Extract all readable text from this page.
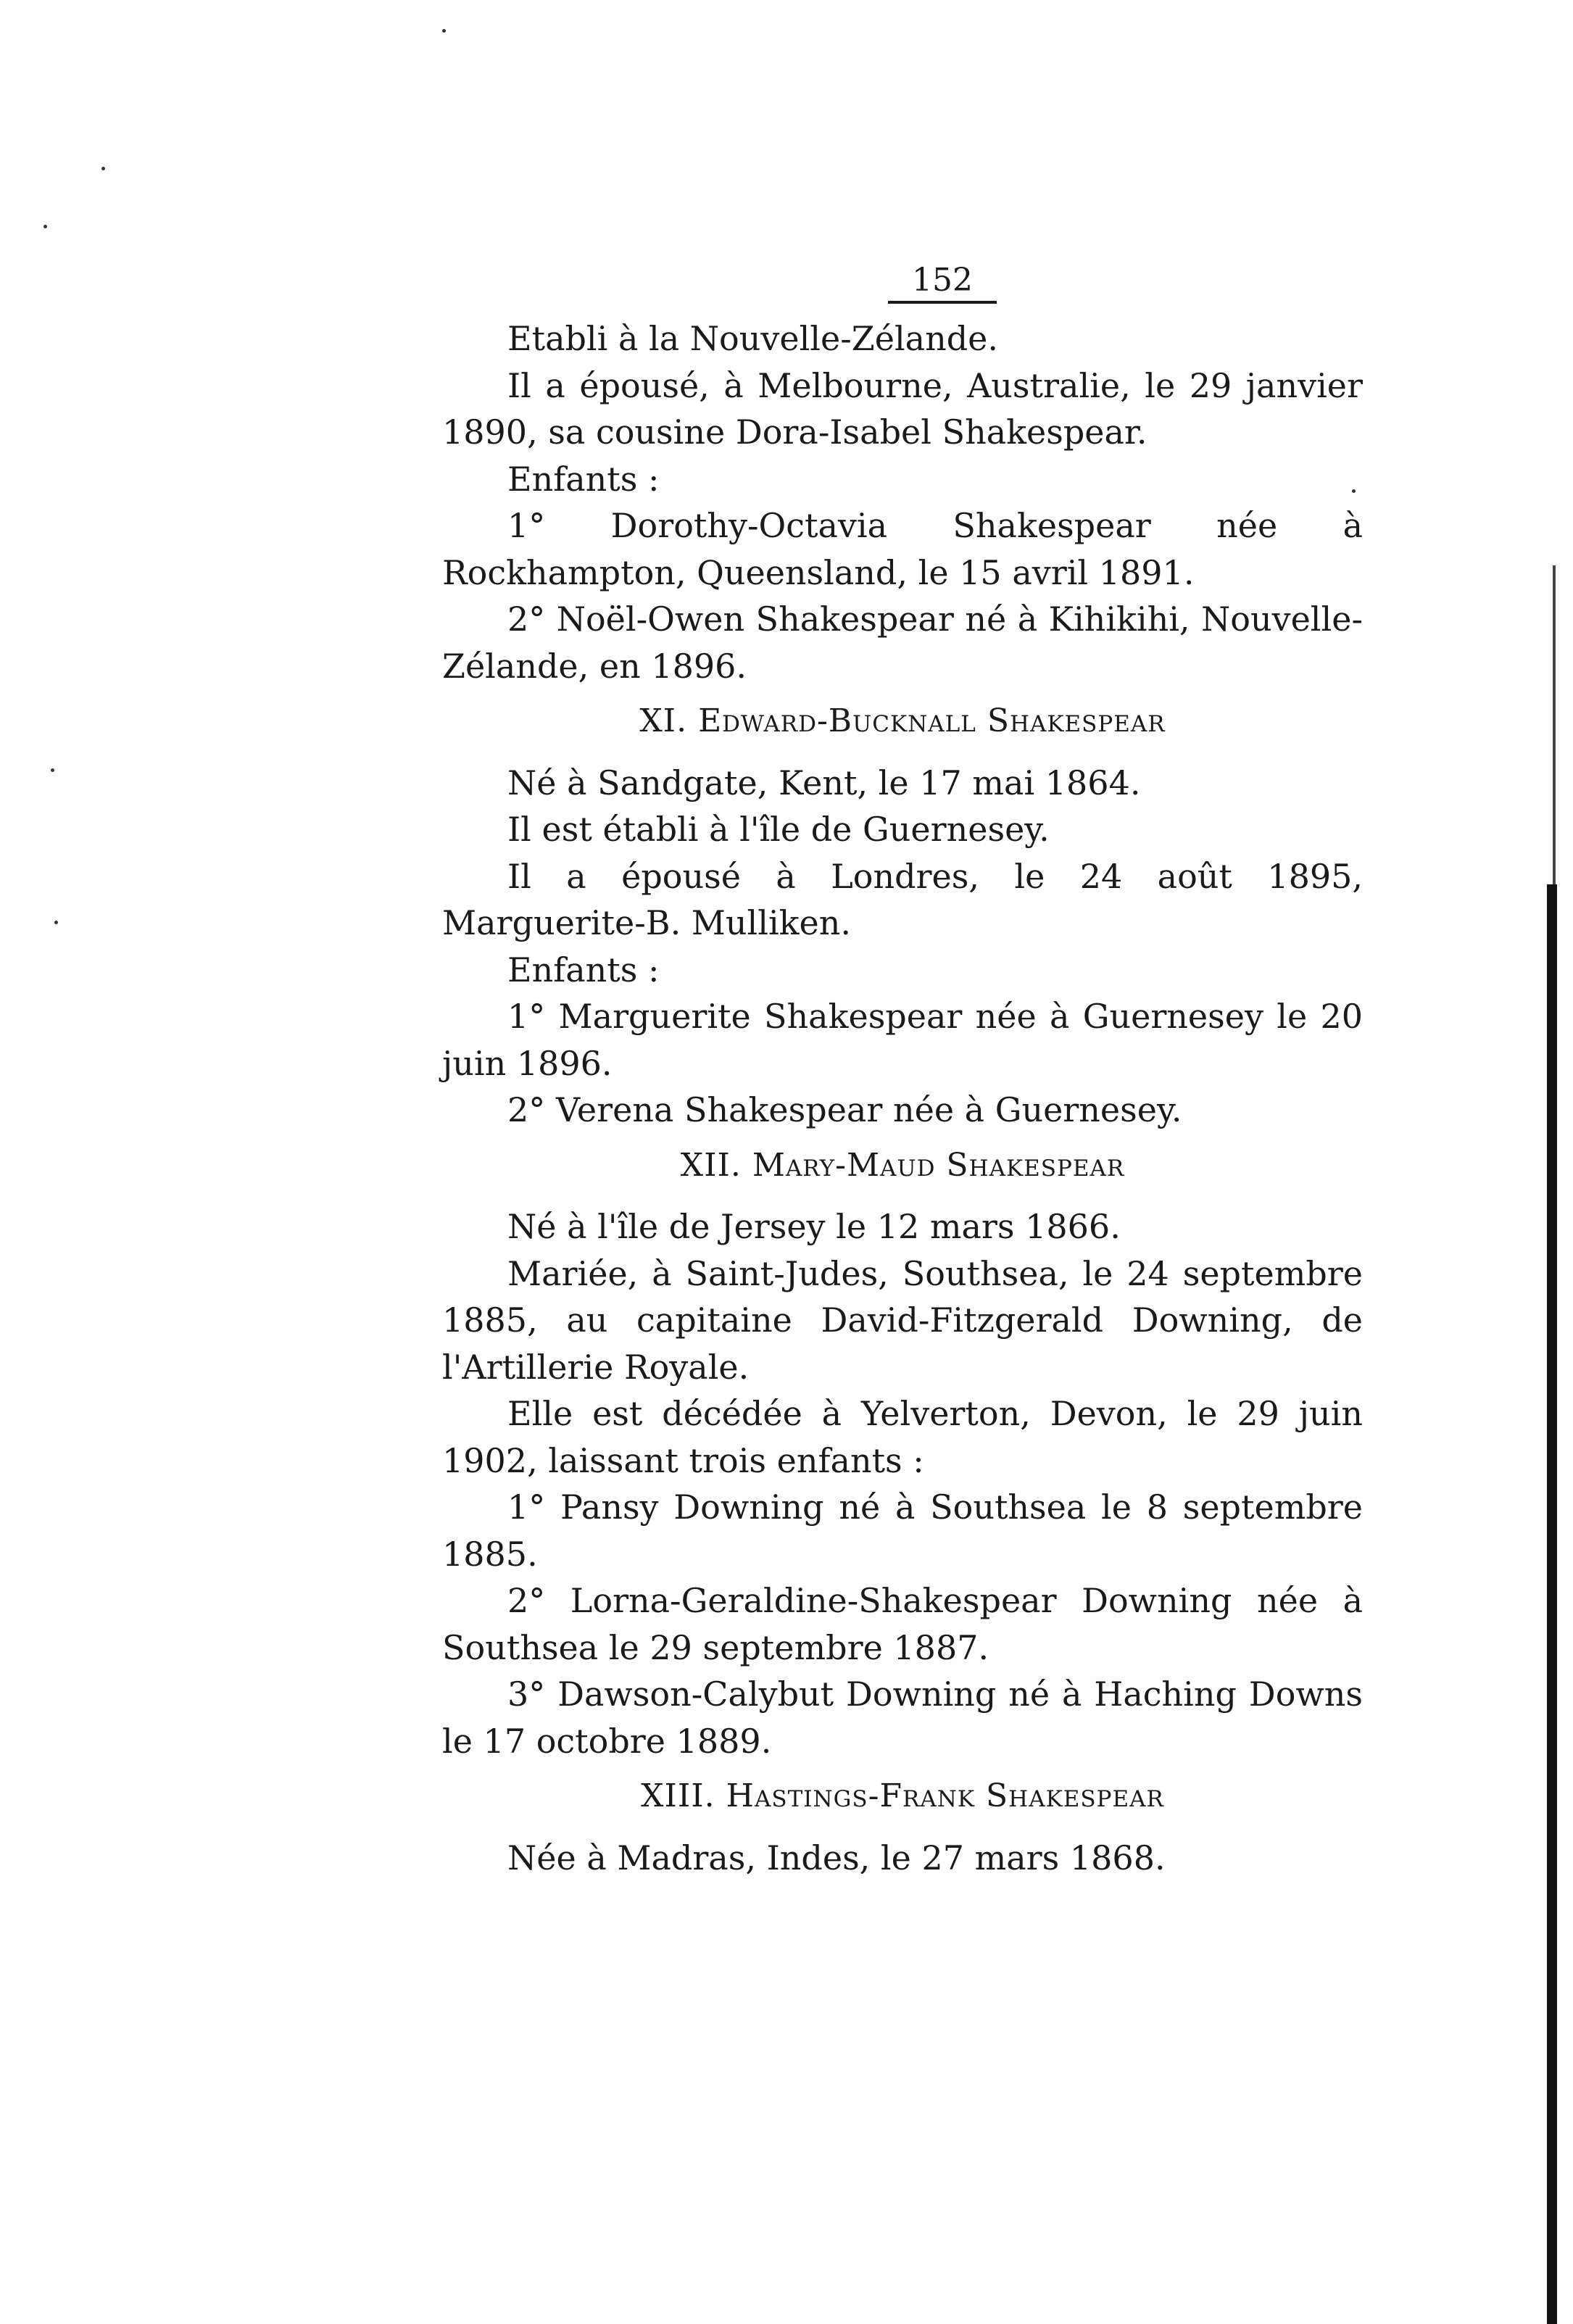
152

Etabli à la Nouvelle-Zélande.

Il a épousé, à Melbourne, Australie, le 29 janvier 1890, sa cousine Dora-Isabel Shakespear.

Enfants :

1° Dorothy-Octavia Shakespear née à Rockhampton, Queensland, le 15 avril 1891.

2° Noël-Owen Shakespear né à Kihikihi, Nouvelle-Zélande, en 1896.

XI. Edward-Bucknall Shakespear

Né à Sandgate, Kent, le 17 mai 1864.

Il est établi à l'île de Guernesey.

Il a épousé à Londres, le 24 août 1895, Marguerite-B. Mulliken.

Enfants :

1° Marguerite Shakespear née à Guernesey le 20 juin 1896.

2° Verena Shakespear née à Guernesey.

XII. Mary-Maud Shakespear

Né à l'île de Jersey le 12 mars 1866.

Mariée, à Saint-Judes, Southsea, le 24 septembre 1885, au capitaine David-Fitzgerald Downing, de l'Artillerie Royale.

Elle est décédée à Yelverton, Devon, le 29 juin 1902, laissant trois enfants :

1° Pansy Downing né à Southsea le 8 septembre 1885.

2° Lorna-Geraldine-Shakespear Downing née à Southsea le 29 septembre 1887.

3° Dawson-Calybut Downing né à Haching Downs le 17 octobre 1889.

XIII. Hastings-Frank Shakespear

Née à Madras, Indes, le 27 mars 1868.
